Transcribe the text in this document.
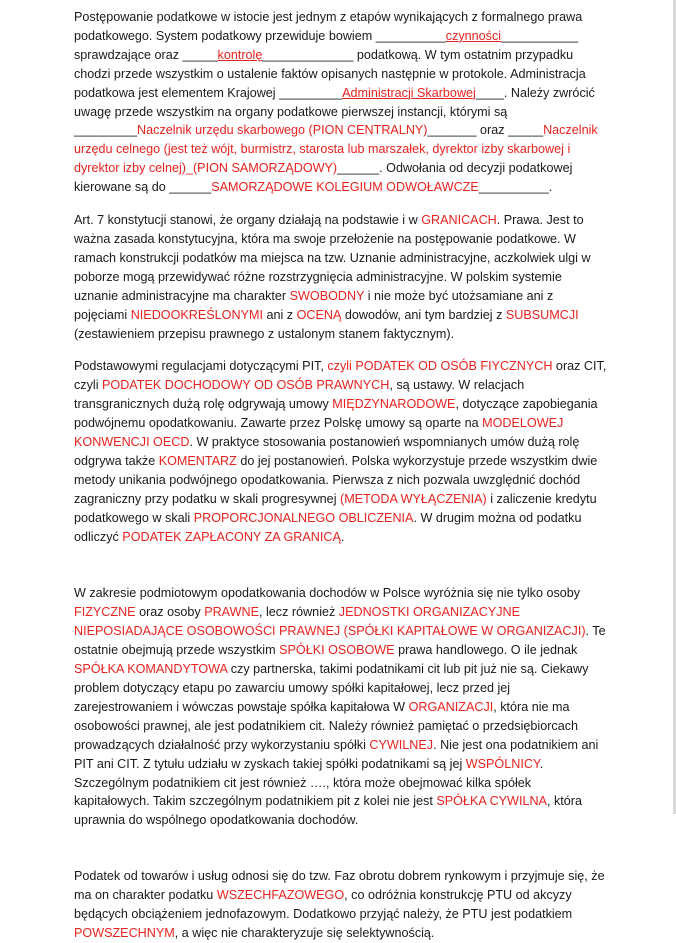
Postępowanie podatkowe w istocie jest jednym z etapów wynikających z formalnego prawa podatkowego. System podatkowy przewiduje bowiem __________czynności___________ sprawdzające oraz _____kontrolę_____________ podatkową. W tym ostatnim przypadku chodzi przede wszystkim o ustalenie faktów opisanych następnie w protokole. Administracja podatkowa jest elementem Krajowej _________Administracji Skarbowej____. Należy zwrócić uwagę przede wszystkim na organy podatkowe pierwszej instancji, którymi są _________Naczelnik urzędu skarbowego (PION CENTRALNY)_______ oraz _____Naczelnik urzędu celnego (jest też wójt, burmistrz, starosta lub marszałek, dyrektor izby skarbowej i dyrektor izby celnej)_(PION SAMORZĄDOWY)______. Odwołania od decyzji podatkowej kierowane są do ______SAMORZĄDOWE KOLEGIUM ODWOŁAWCZE__________.

Art. 7 konstytucji stanowi, że organy działają na podstawie i w GRANICACH. Prawa. Jest to ważna zasada konstytucyjna, która ma swoje przełożenie na postępowanie podatkowe. W ramach konstrukcji podatków ma miejsca na tzw. Uznanie administracyjne, aczkolwiek ulgi w poborze mogą przewidywać różne rozstrzygnięcia administracyjne. W polskim systemie uznanie administracyjne ma charakter SWOBODNY i nie może być utożsamiane ani z pojęciami NIEDOOKREŚLONYMI ani z OCENĄ dowodów, ani tym bardziej z SUBSUMCJI (zestawieniem przepisu prawnego z ustalonym stanem faktycznym).

Podstawowymi regulacjami dotyczącymi PIT, czyli PODATEK OD OSÓB FIYCZNYCH oraz CIT, czyli PODATEK DOCHODOWY OD OSÓB PRAWNYCH, są ustawy. W relacjach transgranicznych dużą rolę odgrywają umowy MIĘDZYNARODOWE, dotyczące zapobiegania podwójnemu opodatkowaniu. Zawarte przez Polskę umowy są oparte na MODELOWEJ KONWENCJI OECD. W praktyce stosowania postanowień wspomnianych umów dużą rolę odgrywa także KOMENTARZ do jej postanowień. Polska wykorzystuje przede wszystkim dwie metody unikania podwójnego opodatkowania. Pierwsza z nich pozwala uwzględnić dochód zagraniczny przy podatku w skali progresywnej (METODA WYŁĄCZENIA) i zaliczenie kredytu podatkowego w skali PROPORCJONALNEGO OBLICZENIA. W drugim można od podatku odliczyć PODATEK ZAPŁACONY ZA GRANICĄ.

W zakresie podmiotowym opodatkowania dochodów w Polsce wyróżnia się nie tylko osoby FIZYCZNE oraz osoby PRAWNE, lecz również JEDNOSTKI ORGANIZACYJNE NIEPOSIADAJĄCE OSOBOWOŚCI PRAWNEJ (SPÓŁKI KAPITAŁOWE W ORGANIZACJI). Te ostatnie obejmują przede wszystkim SPÓŁKI OSOBOWE prawa handlowego. O ile jednak SPÓŁKA KOMANDYTOWA czy partnerska, takimi podatnikami cit lub pit już nie są. Ciekawy problem dotyczący etapu po zawarciu umowy spółki kapitałowej, lecz przed jej zarejestrowaniem i wówczas powstaje spółka kapitałowa W ORGANIZACJI, która nie ma osobowości prawnej, ale jest podatnikiem cit. Należy również pamiętać o przedsiębiorcach prowadzących działalność przy wykorzystaniu spółki CYWILNEJ. Nie jest ona podatnikiem ani PIT ani CIT. Z tytułu udziału w zyskach takiej spółki podatnikami są jej WSPÓLNICY. Szczególnym podatnikiem cit jest również …., która może obejmować kilka spółek kapitałowych. Takim szczególnym podatnikiem pit z kolei nie jest SPÓŁKA CYWILNA, która uprawnia do wspólnego opodatkowania dochodów.

Podatek od towarów i usług odnosi się do tzw. Faz obrotu dobrem rynkowym i przyjmuje się, że ma on charakter podatku WSZECHFAZOWEGO, co odróżnia konstrukcję PTU od akcyzy będących obciążeniem jednofazowym. Dodatkowo przyjąć należy, że PTU jest podatkiem POWSZECHNYM, a więc nie charakteryzuje się selektywnością.
